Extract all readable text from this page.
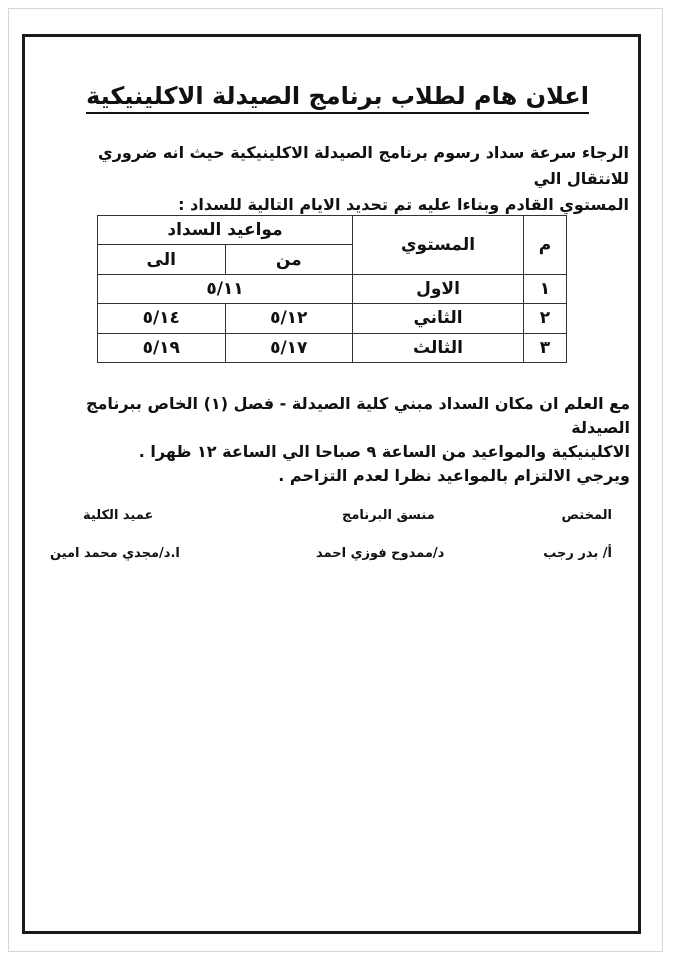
اعلان هام لطلاب برنامج الصيدلة الاكلينيكية

الرجاء سرعة سداد رسوم برنامج الصيدلة الاكلينيكية حيث انه ضروري للانتقال الي

المستوي القادم وبناءا عليه تم تحديد الايام التالية للسداد :

م	المستوي	مواعيد السداد	
		من	الى
١	الاول	٥/١١	
٢	الثاني	٥/١٢	٥/١٤
٣	الثالث	٥/١٧	٥/١٩

مع العلم ان مكان السداد مبني كلية الصيدلة - فصل (١) الخاص ببرنامج الصيدلة

الاكلينيكية والمواعيد من الساعة ٩ صباحا الي الساعة ١٢ ظهرا .

ويرجي الالتزام بالمواعيد نظرا لعدم التزاحم .

المختص
أ/ بدر رجب
منسق البرنامج
د/ممدوح فوزي احمد
عميد الكلية
ا.د/مجدي محمد امين
